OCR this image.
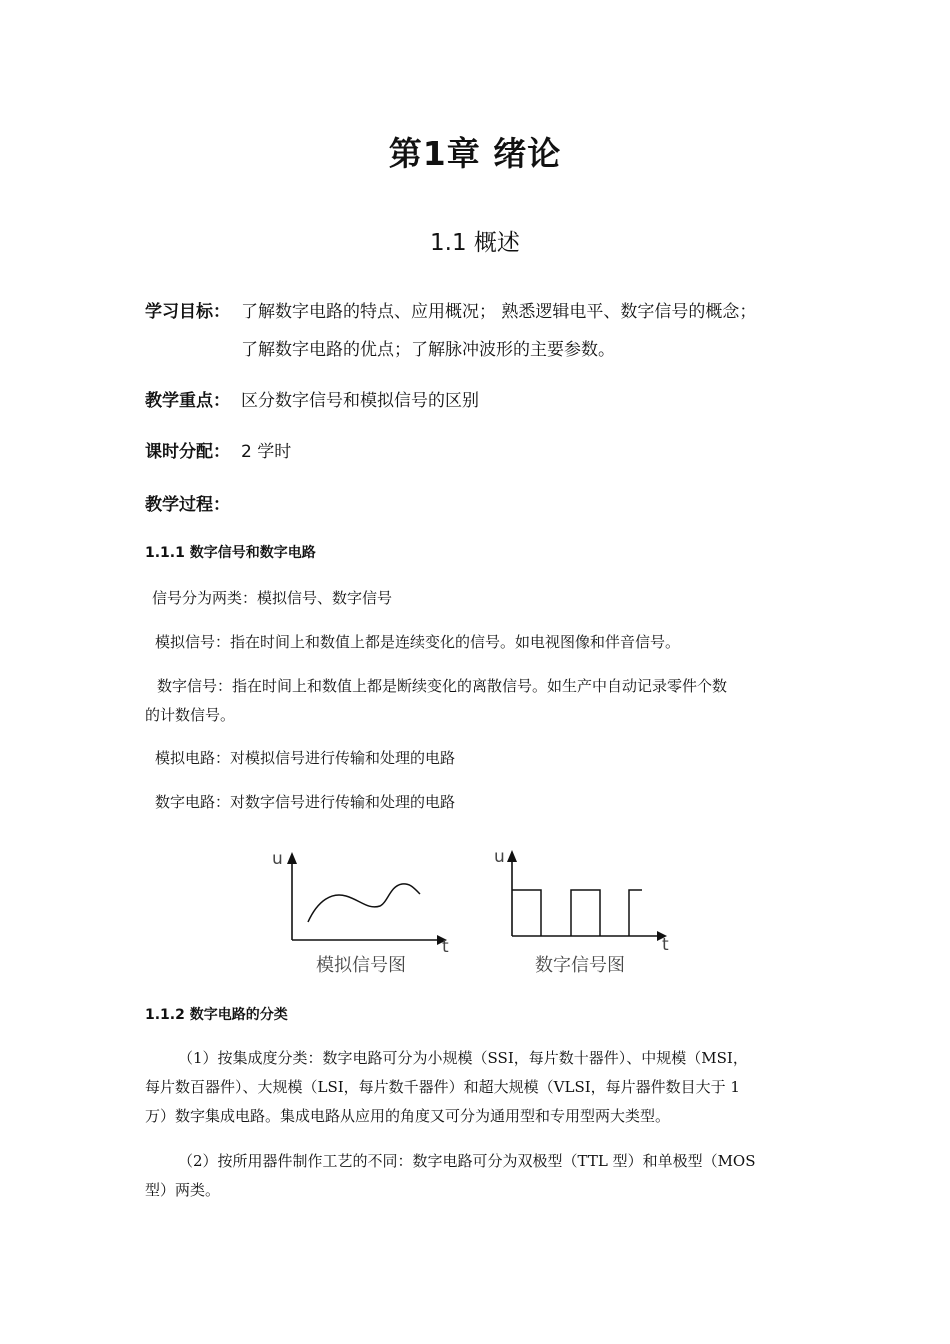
第1章 绪论
1.1 概述
学习目标： 了解数字电路的特点、应用概况； 熟悉逻辑电平、数字信号的概念；
了解数字电路的优点；了解脉冲波形的主要参数。
教学重点： 区分数字信号和模拟信号的区别
课时分配： 2 学时
教学过程：
1.1.1 数字信号和数字电路
信号分为两类：模拟信号、数字信号
模拟信号：指在时间上和数值上都是连续变化的信号。如电视图像和伴音信号。
数字信号：指在时间上和数值上都是断续变化的离散信号。如生产中自动记录零件个数
的计数信号。
模拟电路：对模拟信号进行传输和处理的电路
数字电路：对数字信号进行传输和处理的电路
u
t
模拟信号图
u
t
数字信号图
1.1.2 数字电路的分类
（1）按集成度分类：数字电路可分为小规模（SSI，每片数十器件）、中规模（MSI，
每片数百器件）、大规模（LSI，每片数千器件）和超大规模（VLSI，每片器件数目大于 1
万）数字集成电路。集成电路从应用的角度又可分为通用型和专用型两大类型。
（2）按所用器件制作工艺的不同：数字电路可分为双极型（TTL 型）和单极型（MOS
型）两类。
